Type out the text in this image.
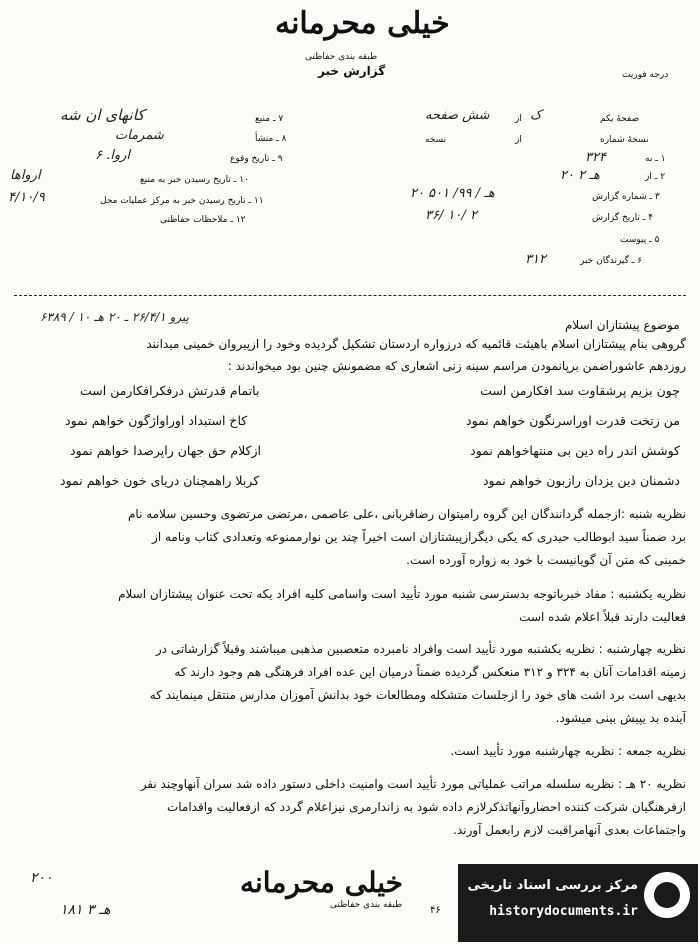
خیلی محرمانه
طبقه بندی حفاظتی
گزارش خبر	درجه فوریت
صفحهٔ یکم
ک
از
شش صفحه
نسخهٔ شماره
از
نسخه
۱ ـ به
۳۲۴
۲ ـ از
۲۰ هـ ۲
۳ ـ شماره گزارش
۲۰ هـ / ۹۹/ ۵۰۱
۴ ـ تاریخ گزارش
۳۶/ ۱۰/ ۲
۵ ـ پیوست
۶ ـ گیرندگان خبر
۳۱۲
۷ ـ منبع
کانهای ان شه
۸ ـ منشأ
شمرمات
۹ ـ تاریخ وقوع
اروا. ۶
۱۰ ـ تاریخ رسیدن خبر به منبع
ارواها
۱۱ ـ تاریخ رسیدن خبر به مرکز عملیات محل
۴/۱۰/۹
۱۲ ـ ملاحظات حفاظتی
موضوع پیشتازان اسلام
پیرو ۲۶/۴/۱ ـ ۲۰ هـ ۱۰ / ۶۳۸۹
گروهی بنام پیشتازان اسلام باهیئت قائمیه که درزواره اردستان تشکیل گردیده وخود را ازپیروان خمینی میدانند
روزدهم عاشوراضمن برپانمودن مراسم سینه زنی اشعاری که مضمونش چنین بود میخواندند :
چون بزیم پرشقاوت سد افکارمن است
باتمام قدرتش درفکرافکارمن است
من زتخت قدرت اوراسرنگون خواهم نمود
کاخ استبداد اوراواژگون خواهم نمود
کوشش اندر راه دین بی منتهاخواهم نمود
ازکلام حق جهان راپرصدا خواهم نمود
دشمنان دین یزدان رازبون خواهم نمود
کربلا راهمچنان دریای خون خواهم نمود
نظریه شنبه :ازجمله گردانندگان این گروه رامیتوان رضاقربانی ،علی عاصمی ،مرتضی مرتضوی وحسین سلامه نام
برد ضمناً سید ابوطالب حیدری که یکی دیگرازپیشتازان است اخیراً چند ین نوارممنوعه وتعدادی کتاب ونامه از
خمینی که متن آن گویانیست با خود به زواره آورده است.
نظریه یکشنبه : مفاد خبرباتوجه بدسترسی شنبه مورد تأیید است واسامی کلیه افراد یکه تحت عنوان پیشتازان اسلام
فعالیت دارند قبلاً اعلام شده است
نظریه چهارشنبه : نظریه یکشنبه مورد تأیید است وافراد نامبرده متعصبین مذهبی میباشند وقبلاً گزارشاتی در
زمینه اقدامات آنان به ۳۲۴ و ۳۱۲ منعکس گردیده ضمناً درمیان این عده افراد فرهنگی هم وجود دارند که
بدیهی است برد اشت های خود را ازجلسات متشکله ومطالعات خود بدانش آموزان مدارس منتقل مینمایند که
آینده بد یپیش بینی میشود.
نظریه جمعه : نظریه چهارشنبه مورد تأیید است.
نظریه ۲۰ هـ : نظریه سلسله مراتب عملیاتی مورد تأیید است وامنیت داخلی دستور داده شد سران آنهاوچند نفر
ازفرهنگیان شرکت کننده احضاروآنهاتذکرلازم داده شود به زاندارمری نیزاعلام گردد که ازفعالیت واقدامات
واجتماعات بعدی آنهامراقبت لازم رابعمل آورند.
۲۰۰
۱۸۱ هـ ۳
خیلی محرمانه
طبقه بندی حفاظتی	۴۶
مرکز بررسی اسناد تاریخی
historydocuments.ir
